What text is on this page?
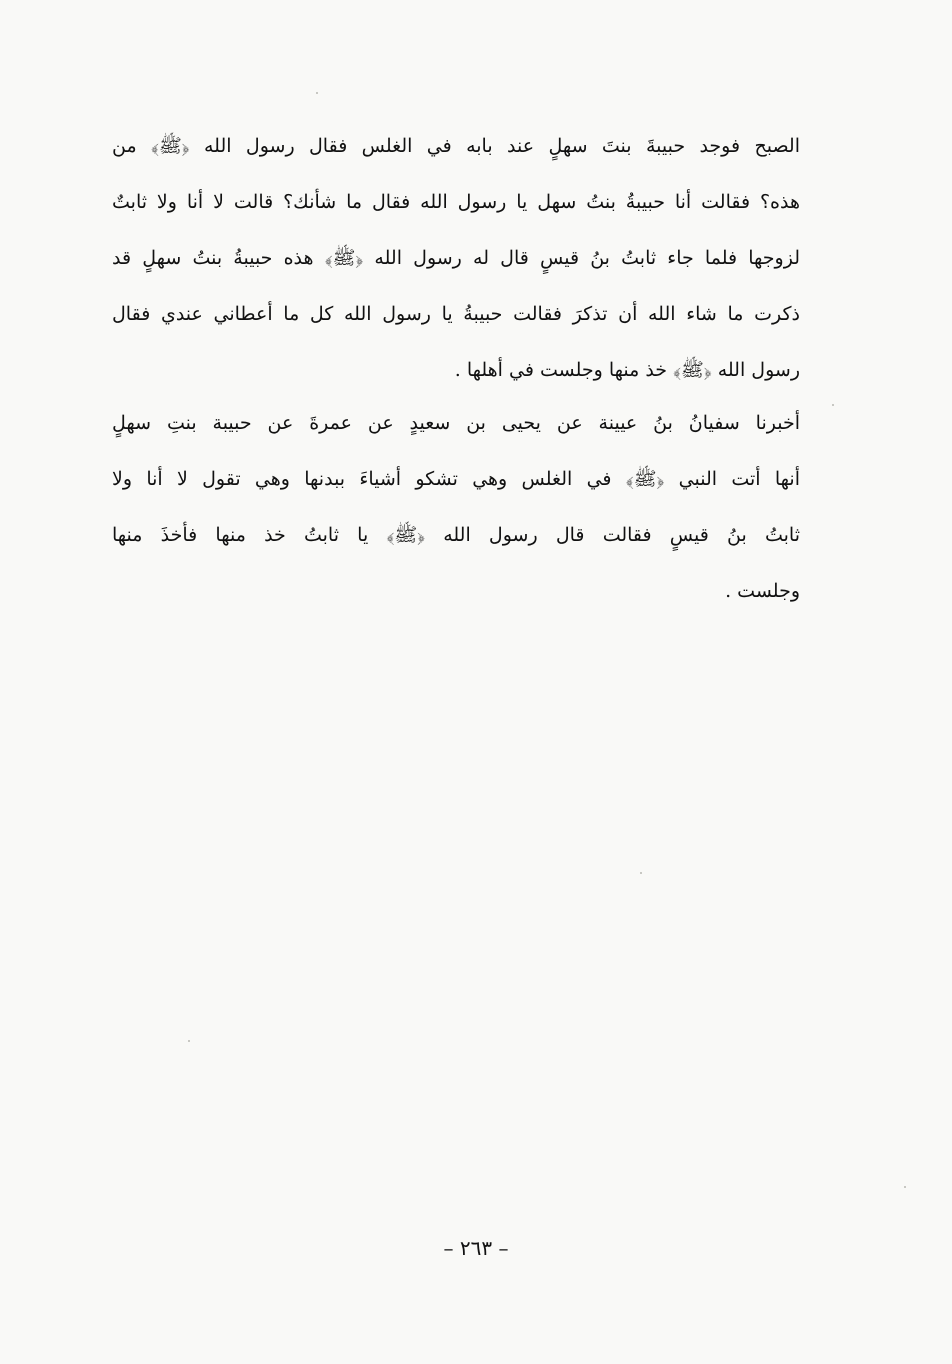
الصبح فوجد حبيبةَ بنتَ سهلٍ عند بابه في الغلس فقال رسول الله ﴿ﷺ﴾ من
هذه؟ فقالت أنا حبيبةُ بنتُ سهل يا رسول الله فقال ما شأنك؟ قالت لا أنا ولا ثابتٌ
لزوجها فلما جاء ثابتُ بنُ قيسٍ قال له رسول الله ﴿ﷺ﴾ هذه حبيبةُ بنتُ سهلٍ قد
ذكرت ما شاء الله أن تذكرَ فقالت حبيبةُ يا رسول الله كل ما أعطاني عندي فقال
رسول الله ﴿ﷺ﴾ خذ منها وجلست في أهلها .
أخبرنا سفيانُ بنُ عيينة عن يحيى بن سعيدٍ عن عمرةَ عن حبيبة بنتِ سهلٍ
أنها أتت النبي ﴿ﷺ﴾ في الغلس وهي تشكو أشياءَ ببدنها وهي تقول لا أنا ولا
ثابتُ بنُ قيسٍ فقالت قال رسول الله ﴿ﷺ﴾ يا ثابتُ خذ منها فأخذَ منها
وجلست .
– ٢٦٣ –
